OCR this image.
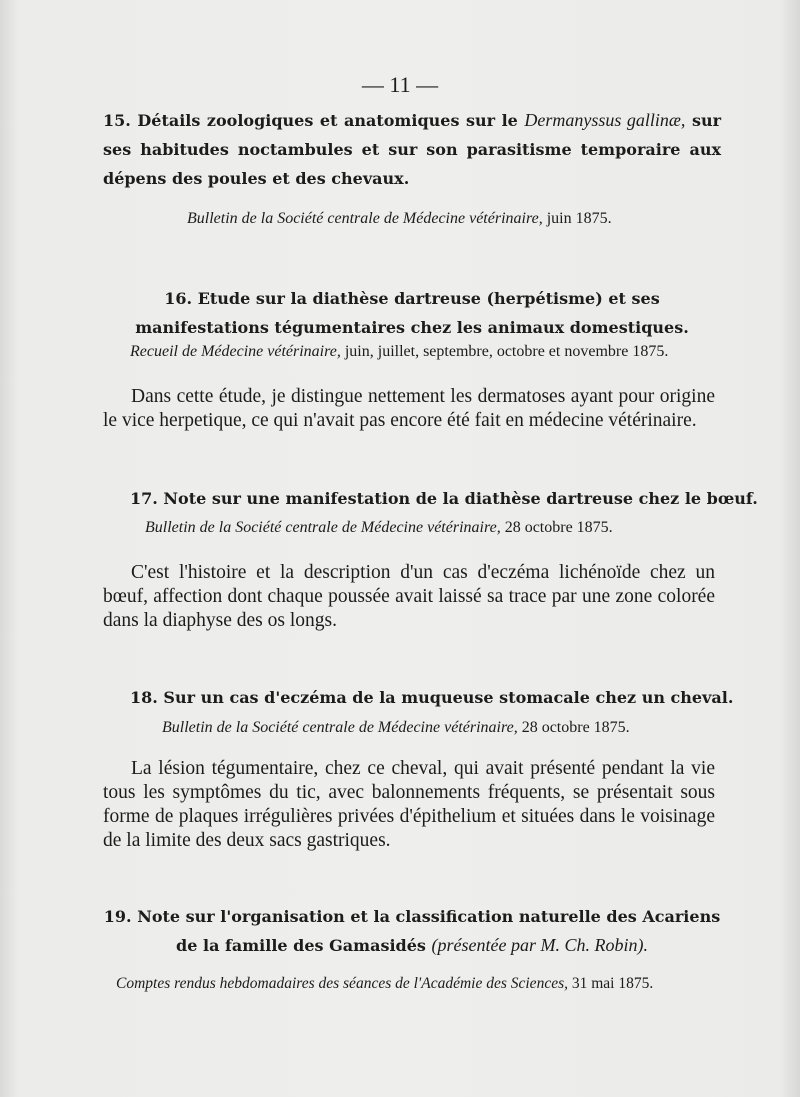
— 11 —

15. Détails zoologiques et anatomiques sur le Dermanyssus gallinæ, sur ses habitudes noctambules et sur son parasitisme temporaire aux dépens des poules et des chevaux.

Bulletin de la Société centrale de Médecine vétérinaire, juin 1875.

16. Etude sur la diathèse dartreuse (herpétisme) et ses manifestations tégumentaires chez les animaux domestiques.

Recueil de Médecine vétérinaire, juin, juillet, septembre, octobre et novembre 1875.

Dans cette étude, je distingue nettement les dermatoses ayant pour origine le vice herpetique, ce qui n'avait pas encore été fait en médecine vétérinaire.

17. Note sur une manifestation de la diathèse dartreuse chez le bœuf.

Bulletin de la Société centrale de Médecine vétérinaire, 28 octobre 1875.

C'est l'histoire et la description d'un cas d'eczéma lichénoïde chez un bœuf, affection dont chaque poussée avait laissé sa trace par une zone colorée dans la diaphyse des os longs.

18. Sur un cas d'eczéma de la muqueuse stomacale chez un cheval.

Bulletin de la Société centrale de Médecine vétérinaire, 28 octobre 1875.

La lésion tégumentaire, chez ce cheval, qui avait présenté pendant la vie tous les symptômes du tic, avec balonnements fréquents, se présentait sous forme de plaques irrégulières privées d'épithelium et situées dans le voisinage de la limite des deux sacs gastriques.

19. Note sur l'organisation et la classification naturelle des Acariens de la famille des Gamasidés (présentée par M. Ch. Robin).

Comptes rendus hebdomadaires des séances de l'Académie des Sciences, 31 mai 1875.
